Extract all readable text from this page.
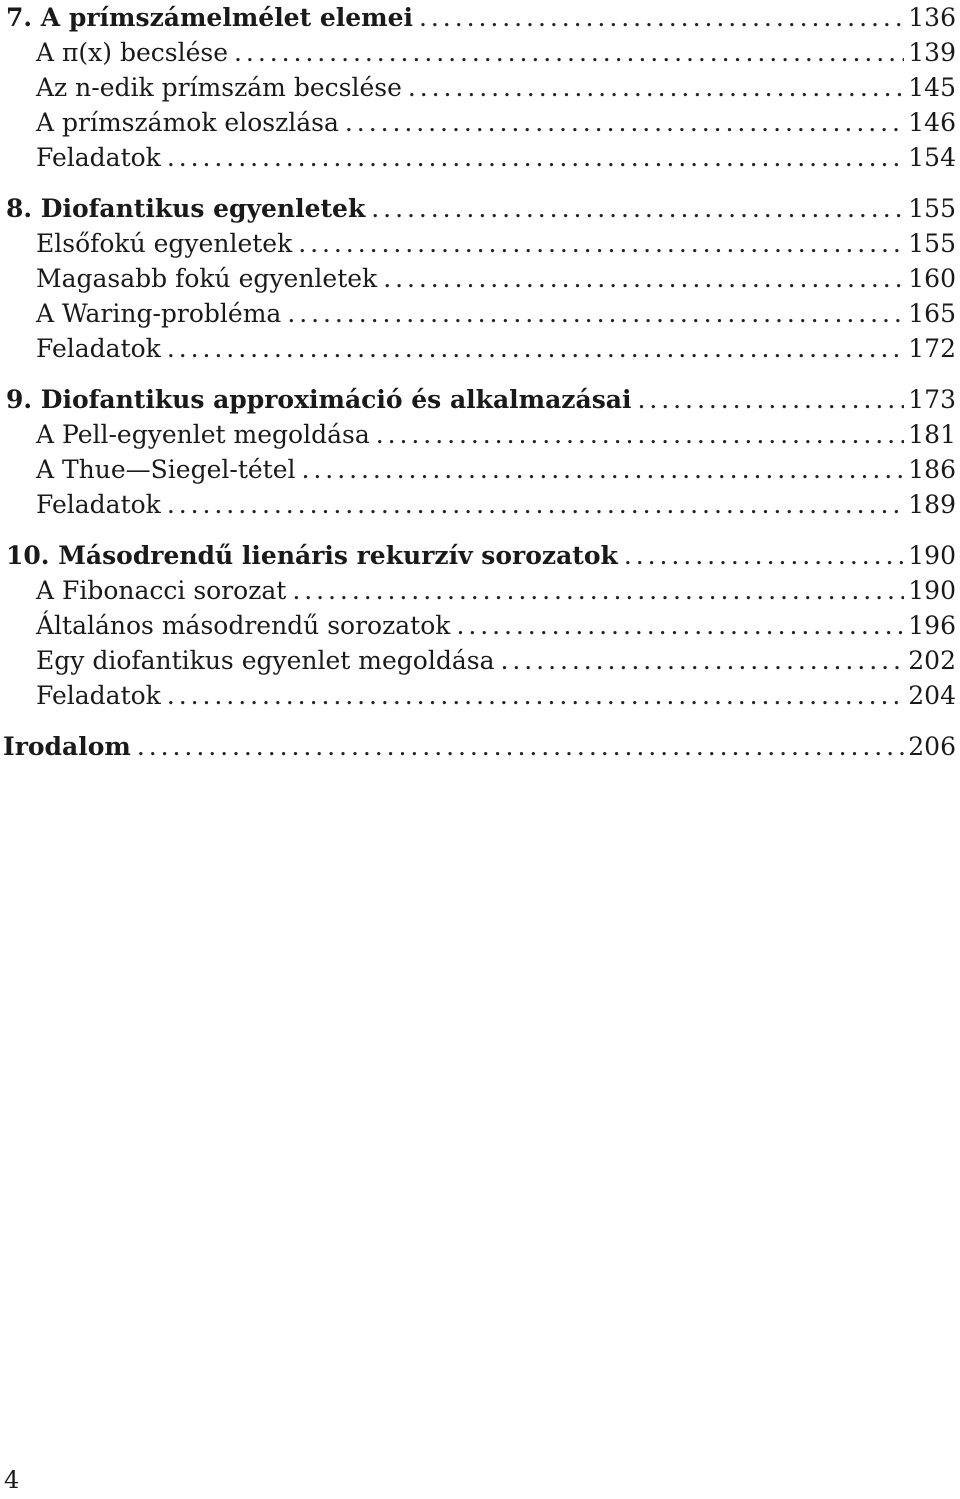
7. A prímszámelmélet elemei . . .	136
A π(x) becslése . . .	139
Az n-edik prímszám becslése . . .	145
A prímszámok eloszlása . . .	146
Feladatok . . .	154
8. Diofantikus egyenletek . . .	155
Elsőfokú egyenletek . . .	155
Magasabb fokú egyenletek . . .	160
A Waring-probléma . . .	165
Feladatok . . .	172
9. Diofantikus approximáció és alkalmazásai . . .	173
A Pell-egyenlet megoldása . . .	181
A Thue—Siegel-tétel . . .	186
Feladatok . . .	189
10. Másodrendű lienáris rekurzív sorozatok . . .	190
A Fibonacci sorozat . . .	190
Általános másodrendű sorozatok . . .	196
Egy diofantikus egyenlet megoldása . . .	202
Feladatok . . .	204
Irodalom . . .	206
4
